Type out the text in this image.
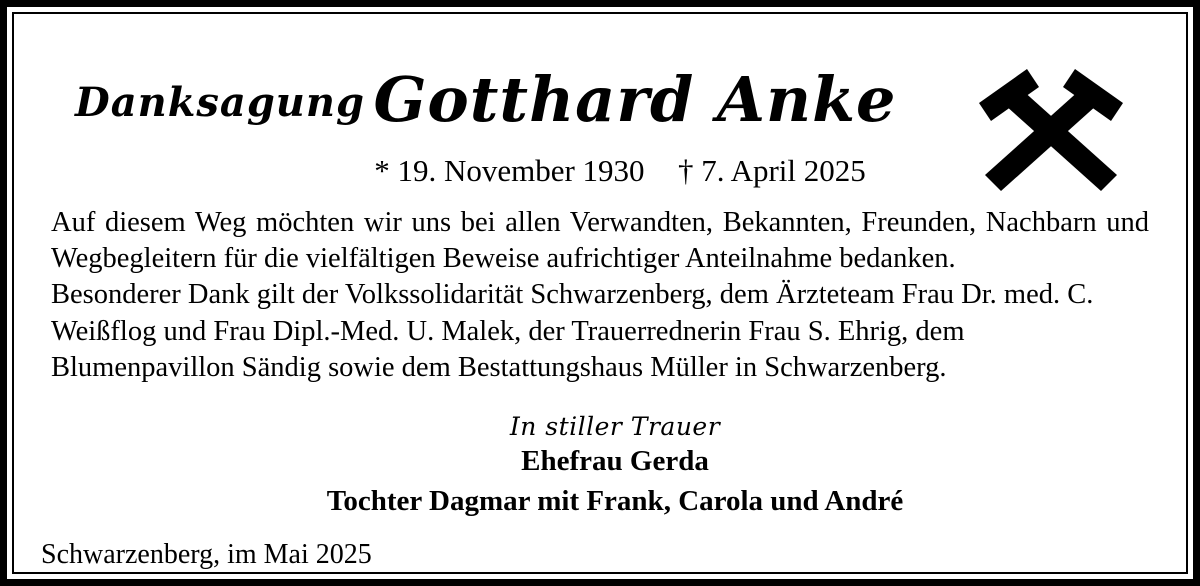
Danksagung Gotthard Anke
* 19. November 1930 † 7. April 2025

Auf diesem Weg möchten wir uns bei allen Verwandten, Bekannten, Freunden, Nachbarn und Wegbegleitern für die vielfältigen Beweise aufrichtiger Anteilnahme bedanken.

Besonderer Dank gilt der Volkssolidarität Schwarzenberg, dem Ärzteteam Frau Dr. med. C. Weißflog und Frau Dipl.-Med. U. Malek, der Trauerrednerin Frau S. Ehrig, dem Blumenpavillon Sändig sowie dem Bestattungshaus Müller in Schwarzenberg.

In stiller Trauer
Ehefrau Gerda
Tochter Dagmar mit Frank, Carola und André
Schwarzenberg, im Mai 2025
